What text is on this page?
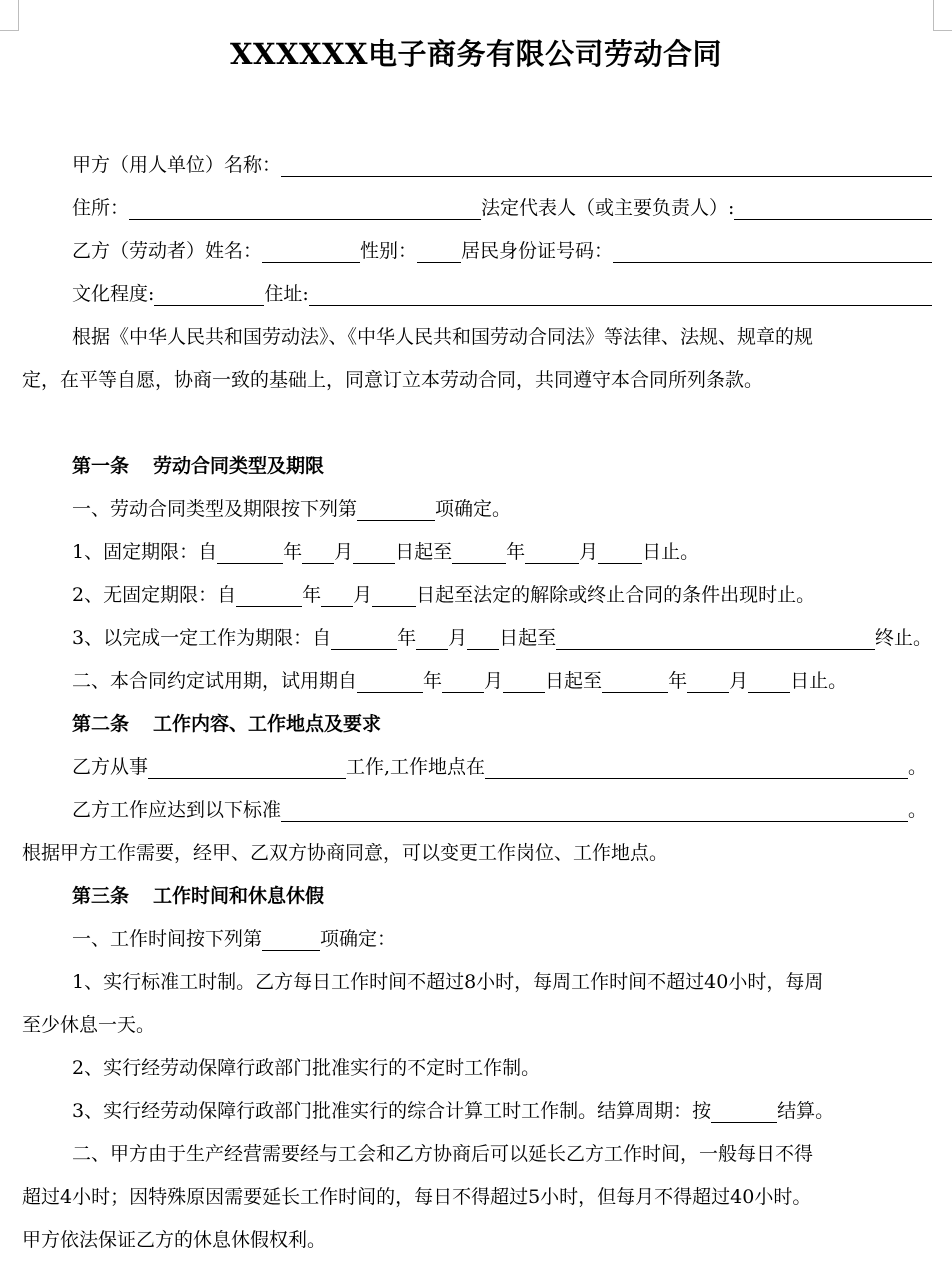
XXXXXX电子商务有限公司劳动合同
甲方（用人单位）名称：
住所：	法定代表人（或主要负责人）:
乙方（劳动者）姓名：	性别： 居民身份证号码：
文化程度:	住址:
根据《中华人民共和国劳动法》、《中华人民共和国劳动合同法》等法律、法规、规章的规
定，在平等自愿，协商一致的基础上，同意订立本劳动合同，共同遵守本合同所列条款。
第一条 劳动合同类型及期限
一、劳动合同类型及期限按下列第	项确定。
1、固定期限：自	年 月 日起至	年	月 日止。
2、无固定期限：自	年 月 日起至法定的解除或终止合同的条件出现时止。
3、以完成一定工作为期限：自	年 月 日起至	终止。
二、本合同约定试用期，试用期自	年 月 日起至	年 月 日止。
第二条 工作内容、工作地点及要求
乙方从事	工作,工作地点在	。
乙方工作应达到以下标准	。
根据甲方工作需要，经甲、乙双方协商同意，可以变更工作岗位、工作地点。
第三条 工作时间和休息休假
一、工作时间按下列第	项确定：
1、实行标准工时制。乙方每日工作时间不超过8小时，每周工作时间不超过40小时，每周
至少休息一天。
2、实行经劳动保障行政部门批准实行的不定时工作制。
3、实行经劳动保障行政部门批准实行的综合计算工时工作制。结算周期：按	结算。
二、甲方由于生产经营需要经与工会和乙方协商后可以延长乙方工作时间，一般每日不得
超过4小时；因特殊原因需要延长工作时间的，每日不得超过5小时，但每月不得超过40小时。
甲方依法保证乙方的休息休假权利。
